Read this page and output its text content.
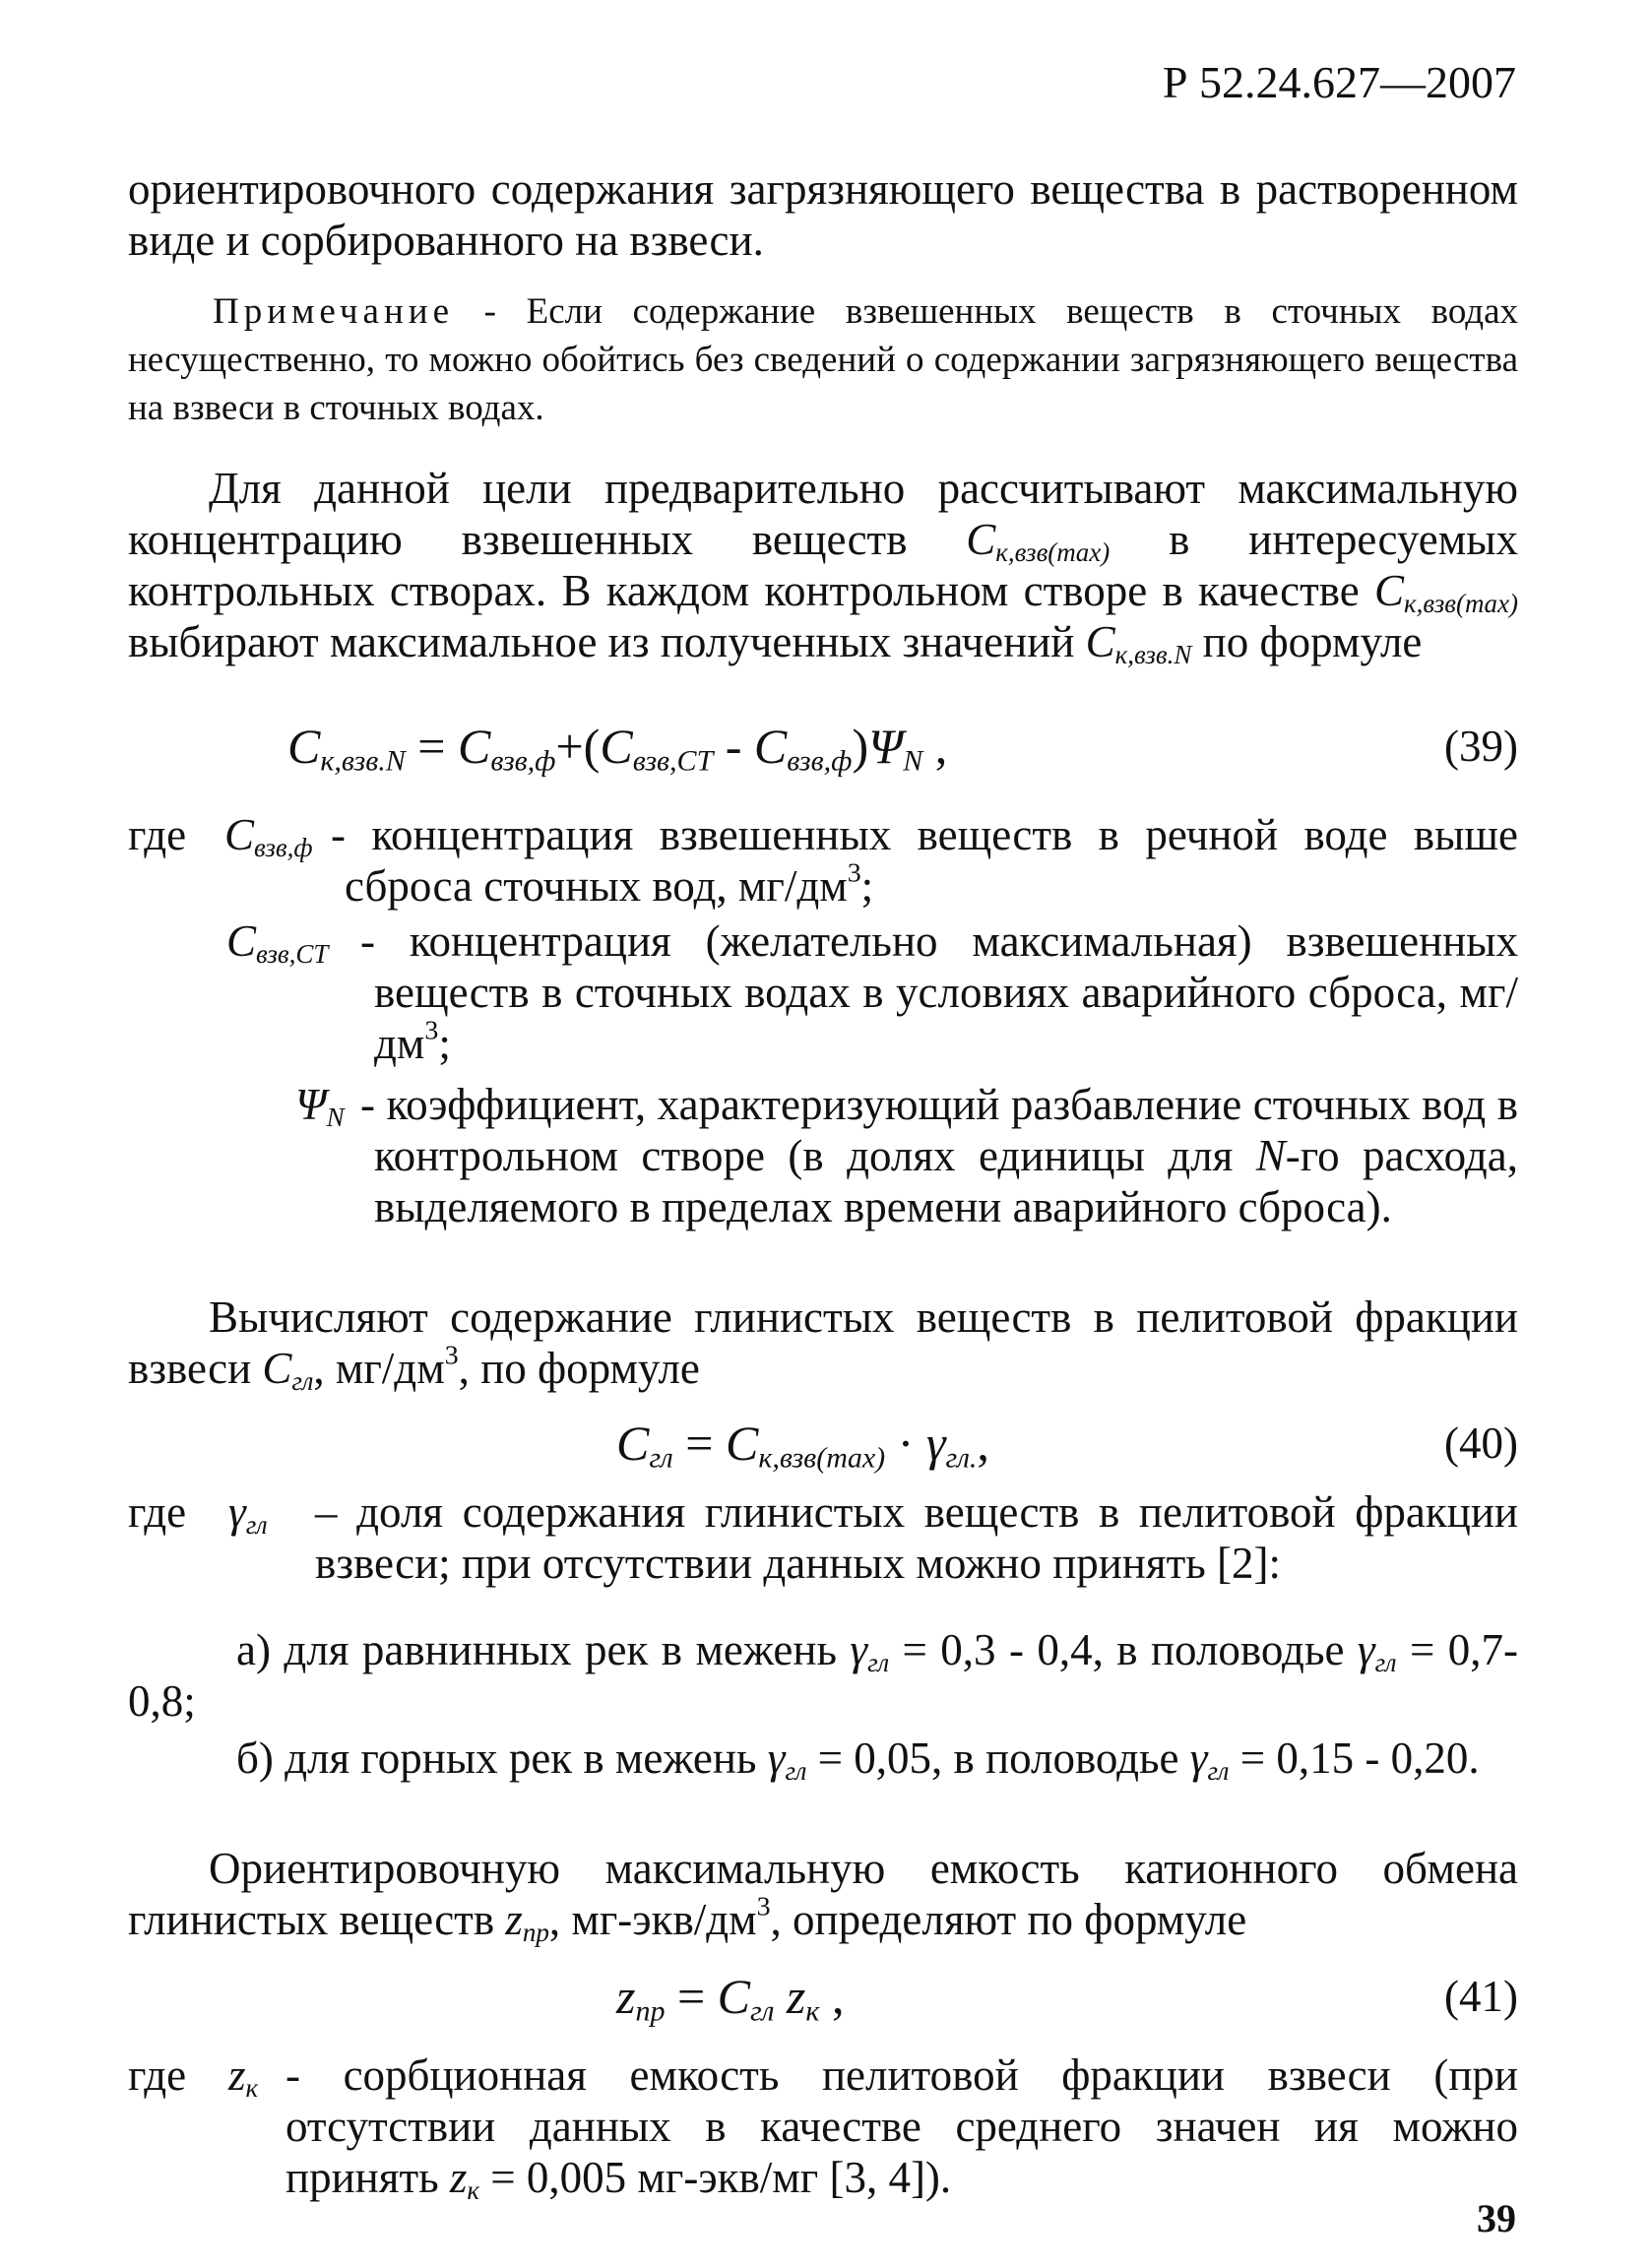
Р 52.24.627—2007
ориентировочного содержания загрязняющего вещества в растворенном виде и сорбированного на взвеси.
Примечание - Если содержание взвешенных веществ в сточных водах несущественно, то можно обойтись без сведений о содержании загрязняющего вещества на взвеси в сточных водах.
Для данной цели предварительно рассчитывают максимальную концентрацию взвешенных веществ $С_{к,взв(max)}$ в интересуемых контрольных створах. В каждом контрольном створе в качестве $С_{к,взв(max)}$ выбирают максимальное из полученных значений $С_{к,взв.N}$ по формуле
$С_{к,взв.N} = С_{взв,ф}+(С_{взв,СТ} - С_{взв,ф})\Psi_N$ ,	(39)
где $С_{взв,ф}$ - концентрация взвешенных веществ в речной воде выше сброса сточных вод, $мг/дм^3$;
$С_{взв,СТ}$ - концентрация (желательно максимальная) взвешенных веществ в сточных водах в условиях аварийного сброса, $мг/дм^3$;
$\Psi_N$ - коэффициент, характеризующий разбавление сточных вод в контрольном створе (в долях единицы для N-го расхода, выделяемого в пределах времени аварийного сброса).
Вычисляют содержание глинистых веществ в пелитовой фракции взвеси $С_{гл}$, $мг/дм^3$, по формуле
$С_{гл} = С_{к,взв(max)} \cdot \gamma_{гл.}$,	(40)
где $\gamma_{гл}$ – доля содержания глинистых веществ в пелитовой фракции взвеси; при отсутствии данных можно принять [2]:
а) для равнинных рек в межень $\gamma_{гл} = 0,3 - 0,4$, в половодье $\gamma_{гл} = 0,7-$ 0,8;
б) для горных рек в межень $\gamma_{гл} = 0,05$, в половодье $\gamma_{гл} = 0,15 - 0,20$.
Ориентировочную максимальную емкость катионного обмена глинистых веществ $z_{пр}$, $мг-экв/дм^3$, определяют по формуле
$z_{пр} = С_{гл}$ $z_к$ ,	(41)
где $z_к$ - сорбционная емкость пелитовой фракции взвеси (при отсутствии данных в качестве среднего значен ия можно принять $z_к = 0,005$ мг-экв/мг [3, 4]).
39
